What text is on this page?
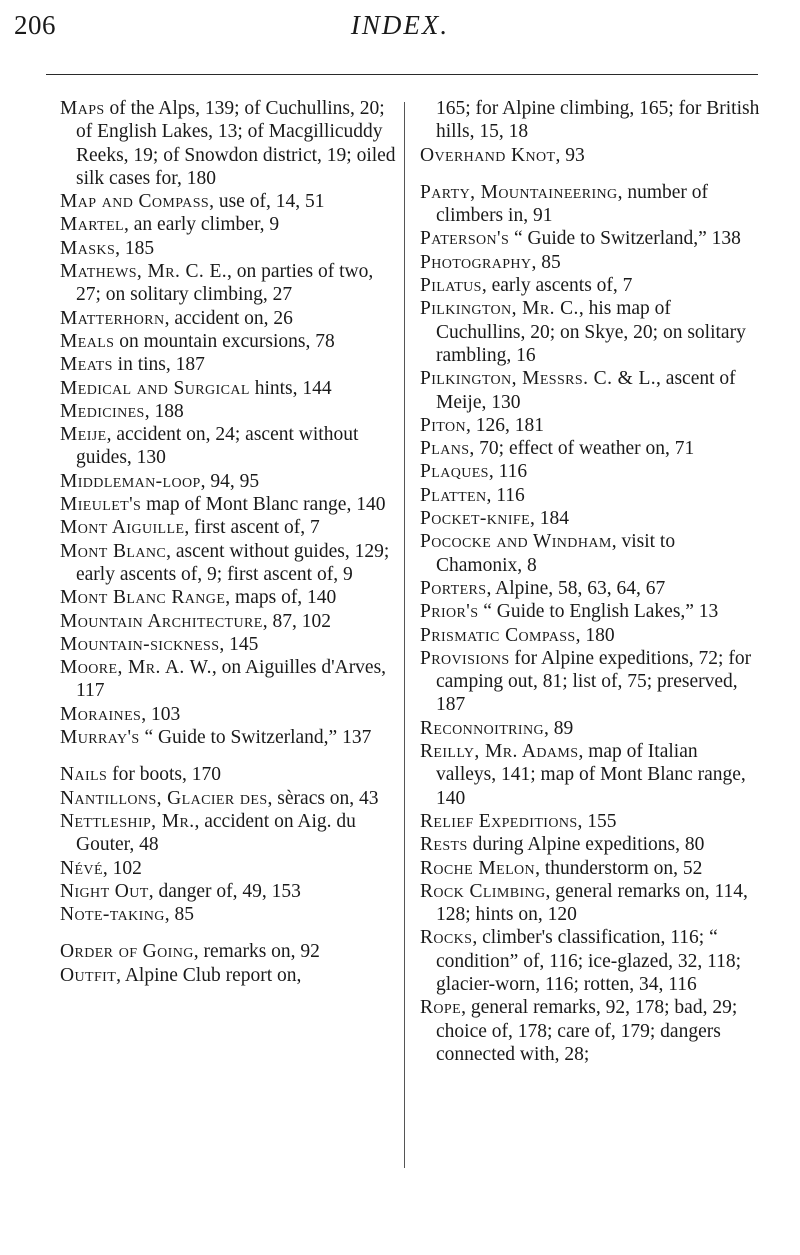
206	INDEX.

Maps of the Alps, 139; of Cuchullins, 20; of English Lakes, 13; of Macgillicuddy Reeks, 19; of Snowdon district, 19; oiled silk cases for, 180

Map and Compass, use of, 14, 51

Martel, an early climber, 9

Masks, 185

Mathews, Mr. C. E., on parties of two, 27; on solitary climbing, 27

Matterhorn, accident on, 26

Meals on mountain excursions, 78

Meats in tins, 187

Medical and Surgical hints, 144

Medicines, 188

Meije, accident on, 24; ascent without guides, 130

Middleman-loop, 94, 95

Mieulet's map of Mont Blanc range, 140

Mont Aiguille, first ascent of, 7

Mont Blanc, ascent without guides, 129; early ascents of, 9; first ascent of, 9

Mont Blanc Range, maps of, 140

Mountain Architecture, 87, 102

Mountain-sickness, 145

Moore, Mr. A. W., on Aiguilles d'Arves, 117

Moraines, 103

Murray's “ Guide to Switzerland,” 137

Nails for boots, 170

Nantillons, Glacier des, sèracs on, 43

Nettleship, Mr., accident on Aig. du Gouter, 48

Névé, 102

Night Out, danger of, 49, 153

Note-taking, 85

Order of Going, remarks on, 92

Outfit, Alpine Club report on,

165; for Alpine climbing, 165; for British hills, 15, 18

Overhand Knot, 93

Party, Mountaineering, number of climbers in, 91

Paterson's “ Guide to Switzerland,” 138

Photography, 85

Pilatus, early ascents of, 7

Pilkington, Mr. C., his map of Cuchullins, 20; on Skye, 20; on solitary rambling, 16

Pilkington, Messrs. C. & L., ascent of Meije, 130

Piton, 126, 181

Plans, 70; effect of weather on, 71

Plaques, 116

Platten, 116

Pocket-knife, 184

Pococke and Windham, visit to Chamonix, 8

Porters, Alpine, 58, 63, 64, 67

Prior's “ Guide to English Lakes,” 13

Prismatic Compass, 180

Provisions for Alpine expeditions, 72; for camping out, 81; list of, 75; preserved, 187

Reconnoitring, 89

Reilly, Mr. Adams, map of Italian valleys, 141; map of Mont Blanc range, 140

Relief Expeditions, 155

Rests during Alpine expeditions, 80

Roche Melon, thunderstorm on, 52

Rock Climbing, general remarks on, 114, 128; hints on, 120

Rocks, climber's classification, 116; “ condition” of, 116; ice-glazed, 32, 118; glacier-worn, 116; rotten, 34, 116

Rope, general remarks, 92, 178; bad, 29; choice of, 178; care of, 179; dangers connected with, 28;
